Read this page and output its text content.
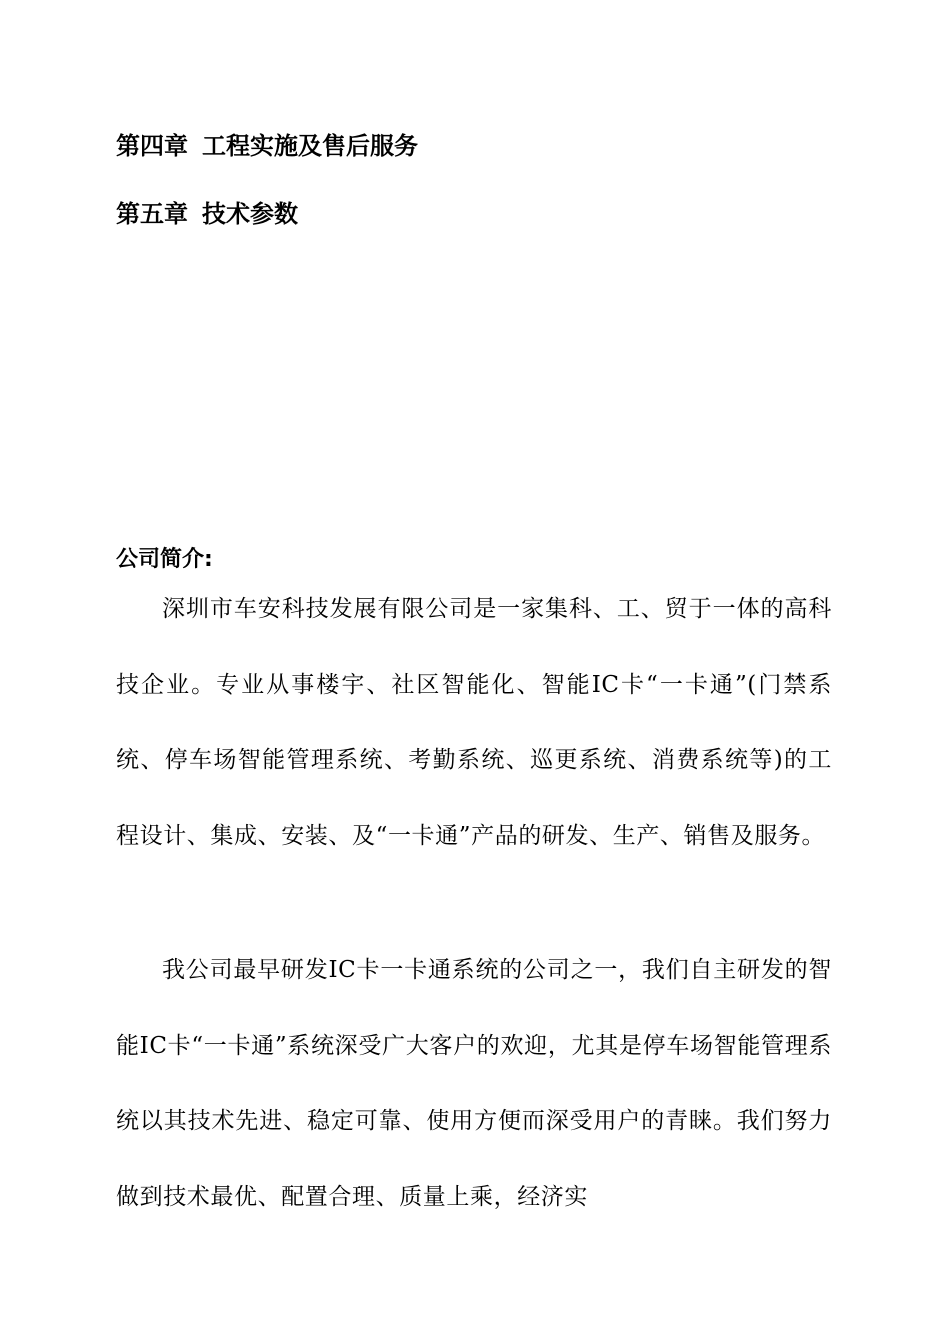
第四章 工程实施及售后服务

第五章 技术参数

公司简介:

深圳市车安科技发展有限公司是一家集科、工、贸于一体的高科技企业。专业从事楼宇、社区智能化、智能IC卡“一卡通”(门禁系统、停车场智能管理系统、考勤系统、巡更系统、消费系统等)的工程设计、集成、安装、及“一卡通”产品的研发、生产、销售及服务。

我公司最早研发IC卡一卡通系统的公司之一，我们自主研发的智能IC卡“一卡通”系统深受广大客户的欢迎，尤其是停车场智能管理系统以其技术先进、稳定可靠、使用方便而深受用户的青睐。我们努力做到技术最优、配置合理、质量上乘，经济实
